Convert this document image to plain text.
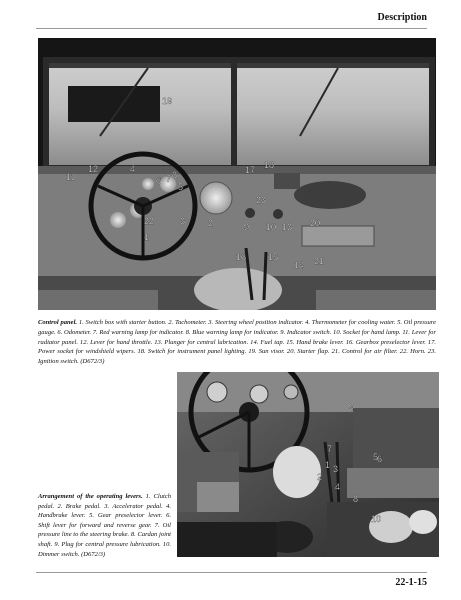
Description
1
2
3
4
5
6 7 8
9 10
11
12
13
14
15
16
17 18
19
20
21
22
23
Control panel. 1. Switch box with starter button. 2. Tachometer. 3. Steering wheel position indicator. 4. Thermometer for cooling water. 5. Oil pressure gauge. 6. Odometer. 7. Red warning lamp for indicator. 8. Blue warning lamp for indicator. 9. Indicator switch. 10. Socket for hand lamp. 11. Lever for radiator panel. 12. Lever for hand throttle. 13. Plunger for central lubrication. 14. Fuel tap. 15. Hand brake lever. 16. Gearbox preselector lever. 17. Power socket for windshield wipers. 18. Switch for instrument panel lighting. 19. Sun visor. 20. Starter flap. 21. Control for air filter. 22. Horn. 23. Ignition switch. (D672/3)
1
2
3
4
5
6
7
8
9
10
Arrangement of the operating levers. 1. Clutch pedal. 2. Brake pedal. 3. Accelerator pedal. 4. Handbrake lever. 5. Gear preselector lever. 6. Shift lever for forward and reverse gear. 7. Oil pressure line to the steering brake. 8. Cardan joint shaft. 9. Plug for central pressure lubrication. 10. Dimmer switch. (D672/3)
22-1-15
